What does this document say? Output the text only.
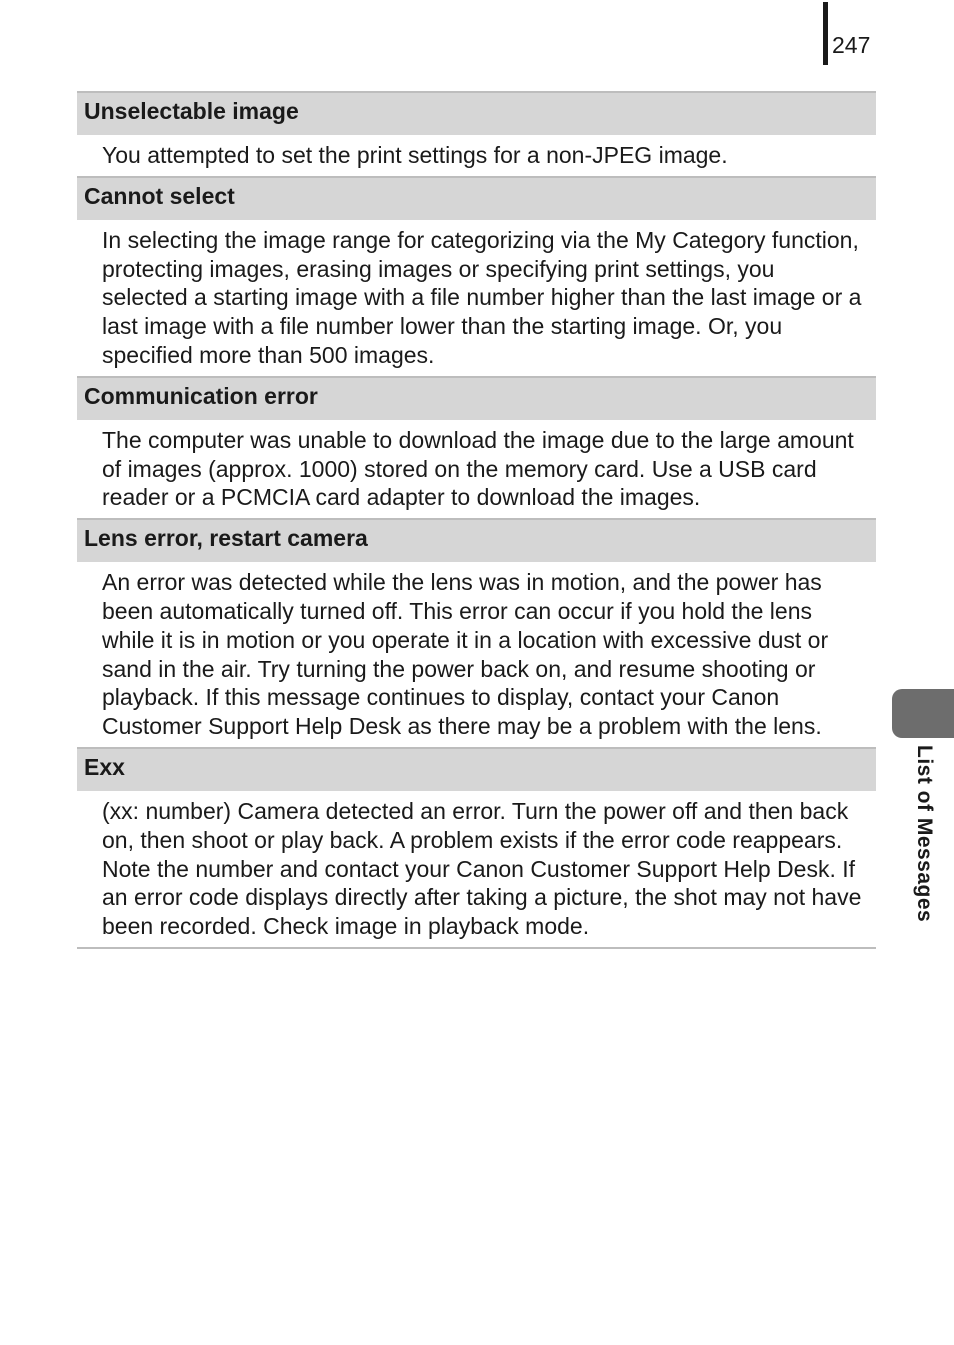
247
Unselectable image
You attempted to set the print settings for a non-JPEG image.
Cannot select
In selecting the image range for categorizing via the My Category function, protecting images, erasing images or specifying print settings, you selected a starting image with a file number higher than the last image or a last image with a file number lower than the starting image. Or, you specified more than 500 images.
Communication error
The computer was unable to download the image due to the large amount of images (approx. 1000) stored on the memory card. Use a USB card reader or a PCMCIA card adapter to download the images.
Lens error, restart camera
An error was detected while the lens was in motion, and the power has been automatically turned off. This error can occur if you hold the lens while it is in motion or you operate it in a location with excessive dust or sand in the air. Try turning the power back on, and resume shooting or playback. If this message continues to display, contact your Canon Customer Support Help Desk as there may be a problem with the lens.
Exx
(xx: number) Camera detected an error. Turn the power off and then back on, then shoot or play back. A problem exists if the error code reappears. Note the number and contact your Canon Customer Support Help Desk. If an error code displays directly after taking a picture, the shot may not have been recorded. Check image in playback mode.
List of Messages
